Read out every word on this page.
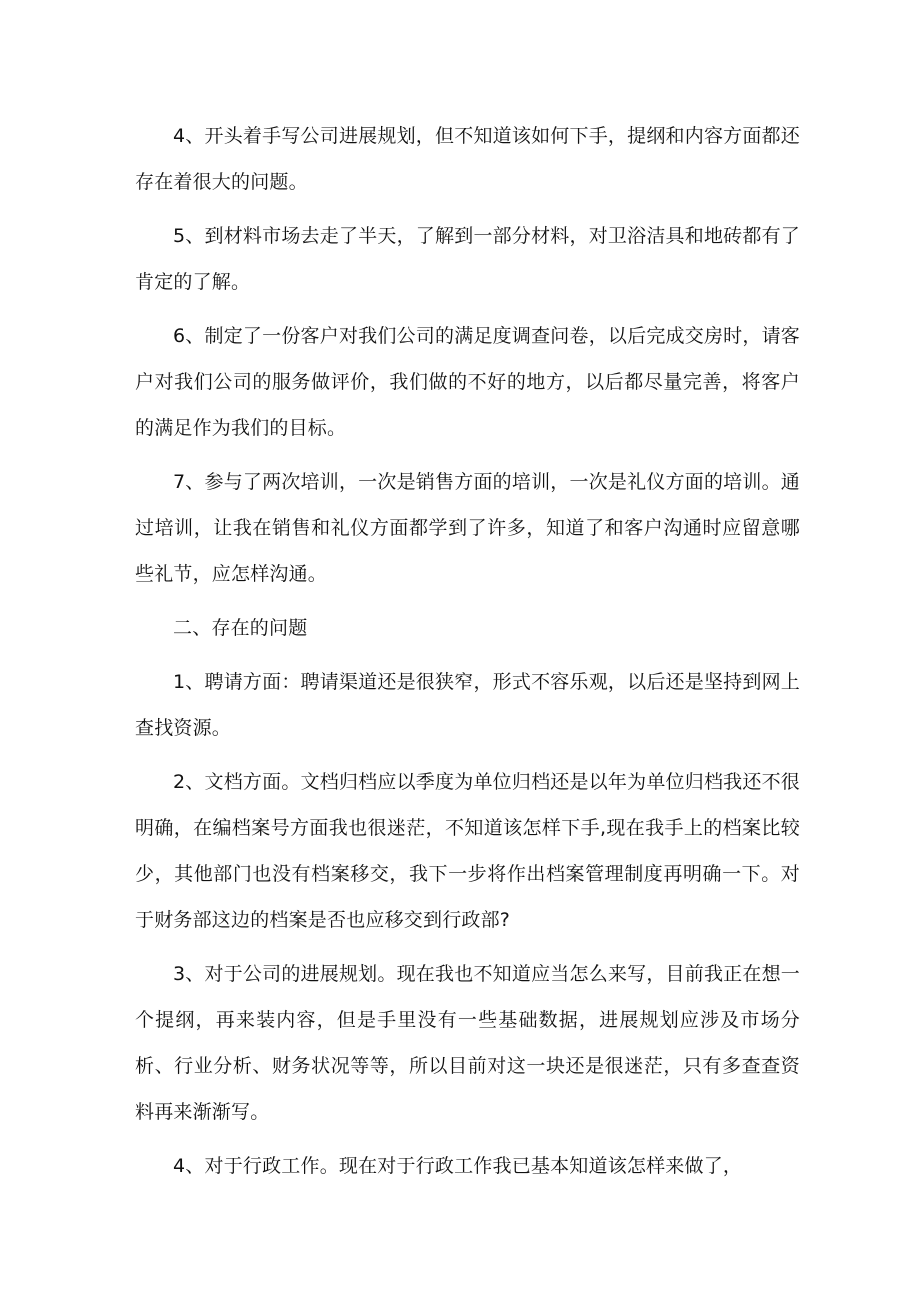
4、开头着手写公司进展规划，但不知道该如何下手，提纲和内容方面都还存在着很大的问题。

5、到材料市场去走了半天，了解到一部分材料，对卫浴洁具和地砖都有了肯定的了解。

6、制定了一份客户对我们公司的满足度调查问卷，以后完成交房时，请客户对我们公司的服务做评价，我们做的不好的地方，以后都尽量完善，将客户的满足作为我们的目标。

7、参与了两次培训，一次是销售方面的培训，一次是礼仪方面的培训。通过培训，让我在销售和礼仪方面都学到了许多，知道了和客户沟通时应留意哪些礼节，应怎样沟通。

二、存在的问题

1、聘请方面：聘请渠道还是很狭窄，形式不容乐观，以后还是坚持到网上查找资源。

2、文档方面。文档归档应以季度为单位归档还是以年为单位归档我还不很明确，在编档案号方面我也很迷茫，不知道该怎样下手,现在我手上的档案比较少，其他部门也没有档案移交，我下一步将作出档案管理制度再明确一下。对于财务部这边的档案是否也应移交到行政部?

3、对于公司的进展规划。现在我也不知道应当怎么来写，目前我正在想一个提纲，再来装内容，但是手里没有一些基础数据，进展规划应涉及市场分析、行业分析、财务状况等等，所以目前对这一块还是很迷茫，只有多查查资料再来渐渐写。

4、对于行政工作。现在对于行政工作我已基本知道该怎样来做了，
